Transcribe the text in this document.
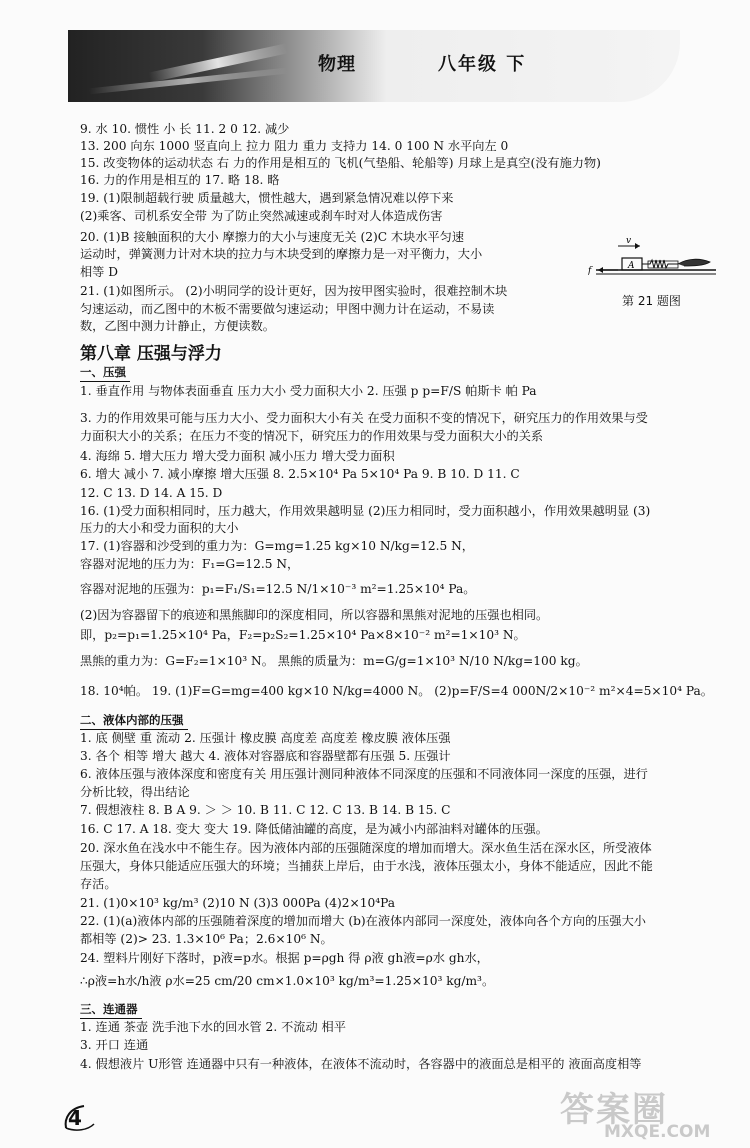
物理	八年级 下
9. 水 10. 惯性 小 长 11. 2 0 12. 减少
13. 200 向东 1000 竖直向上 拉力 阻力 重力 支持力 14. 0 100 N 水平向左 0
15. 改变物体的运动状态 右 力的作用是相互的 飞机(气垫船、轮船等) 月球上是真空(没有施力物)
16. 力的作用是相互的 17. 略 18. 略
19. (1)限制超载行驶 质量越大，惯性越大，遇到紧急情况难以停下来
(2)乘客、司机系安全带 为了防止突然减速或刹车时对人体造成伤害
20. (1)B 接触面积的大小 摩擦力的大小与速度无关 (2)C 木块水平匀速
运动时，弹簧测力计对木块的拉力与木块受到的摩擦力是一对平衡力，大小
相等 D
21. (1)如图所示。 (2)小明同学的设计更好，因为按甲图实验时，很难控制木块
匀速运动，而乙图中的木板不需要做匀速运动；甲图中测力计在运动，不易读
数，乙图中测力计静止，方便读数。
v
f	A
第 21 题图
第八章 压强与浮力
一、压强
1. 垂直作用 与物体表面垂直 压力大小 受力面积大小 2. 压强 p p=F/S 帕斯卡 帕 Pa
3. 力的作用效果可能与压力大小、受力面积大小有关 在受力面积不变的情况下，研究压力的作用效果与受
力面积大小的关系；在压力不变的情况下，研究压力的作用效果与受力面积大小的关系
4. 海绵 5. 增大压力 增大受力面积 减小压力 增大受力面积
6. 增大 减小 7. 减小摩擦 增大压强 8. 2.5×10⁴ Pa 5×10⁴ Pa 9. B 10. D 11. C
12. C 13. D 14. A 15. D
16. (1)受力面积相同时，压力越大，作用效果越明显 (2)压力相同时，受力面积越小，作用效果越明显 (3)
压力的大小和受力面积的大小
17. (1)容器和沙受到的重力为：G=mg=1.25 kg×10 N/kg=12.5 N，
容器对泥地的压力为：F₁=G=12.5 N，
容器对泥地的压强为：p₁=F₁/S₁=12.5 N/1×10⁻³ m²=1.25×10⁴ Pa。
(2)因为容器留下的痕迹和黑熊脚印的深度相同，所以容器和黑熊对泥地的压强也相同。
即，p₂=p₁=1.25×10⁴ Pa，F₂=p₂S₂=1.25×10⁴ Pa×8×10⁻² m²=1×10³ N。
黑熊的重力为：G=F₂=1×10³ N。 黑熊的质量为：m=G/g=1×10³ N/10 N/kg=100 kg。
18. 10⁴帕。 19. (1)F=G=mg=400 kg×10 N/kg=4000 N。 (2)p=F/S=4 000N/2×10⁻² m²×4=5×10⁴ Pa。
二、液体内部的压强
1. 底 侧壁 重 流动 2. 压强计 橡皮膜 高度差 高度差 橡皮膜 液体压强
3. 各个 相等 增大 越大 4. 液体对容器底和容器壁都有压强 5. 压强计
6. 液体压强与液体深度和密度有关 用压强计测同种液体不同深度的压强和不同液体同一深度的压强，进行
分析比较，得出结论
7. 假想液柱 8. B A 9. ＞ ＞ 10. B 11. C 12. C 13. B 14. B 15. C
16. C 17. A 18. 变大 变大 19. 降低储油罐的高度，是为减小内部油料对罐体的压强。
20. 深水鱼在浅水中不能生存。因为液体内部的压强随深度的增加而增大。深水鱼生活在深水区，所受液体
压强大，身体只能适应压强大的环境；当捕获上岸后，由于水浅，液体压强太小，身体不能适应，因此不能
存活。
21. (1)0×10³ kg/m³ (2)10 N (3)3 000Pa (4)2×10⁴Pa
22. (1)(a)液体内部的压强随着深度的增加而增大 (b)在液体内部同一深度处，液体向各个方向的压强大小
都相等 (2)> 23. 1.3×10⁶ Pa；2.6×10⁶ N。
24. 塑料片刚好下落时，p液=p水。根据 p=ρgh 得 ρ液 gh液=ρ水 gh水，
∴ρ液=h水/h液 ρ水=25 cm/20 cm×1.0×10³ kg/m³=1.25×10³ kg/m³。
三、连通器
1. 连通 茶壶 洗手池下水的回水管 2. 不流动 相平
3. 开口 连通
4. 假想液片 U形管 连通器中只有一种液体，在液体不流动时，各容器中的液面总是相平的 液面高度相等
4	答案圈
MXQE.COM
